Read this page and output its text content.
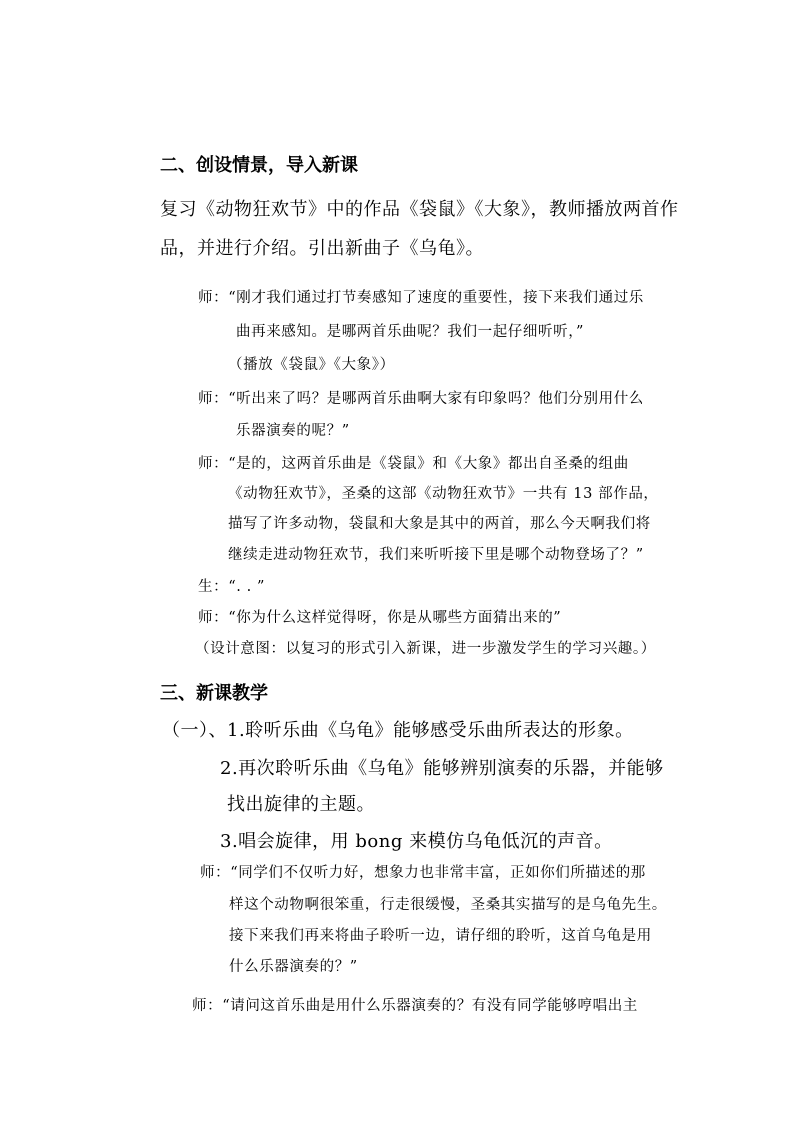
二、创设情景，导入新课
复习《动物狂欢节》中的作品《袋鼠》《大象》，教师播放两首作
品，并进行介绍。引出新曲子《乌龟》。
师：“刚才我们通过打节奏感知了速度的重要性，接下来我们通过乐
曲再来感知。是哪两首乐曲呢？我们一起仔细听听，”
（播放《袋鼠》《大象》）
师：“听出来了吗？是哪两首乐曲啊大家有印象吗？他们分别用什么
乐器演奏的呢？”
师：“是的，这两首乐曲是《袋鼠》和《大象》都出自圣桑的组曲
《动物狂欢节》，圣桑的这部《动物狂欢节》一共有 13 部作品，
描写了许多动物，袋鼠和大象是其中的两首，那么今天啊我们将
继续走进动物狂欢节，我们来听听接下里是哪个动物登场了？”
生：“. . ”
师：“你为什么这样觉得呀，你是从哪些方面猜出来的”
（设计意图：以复习的形式引入新课，进一步激发学生的学习兴趣。）
三、新课教学
（一）、1.聆听乐曲《乌龟》能够感受乐曲所表达的形象。
2.再次聆听乐曲《乌龟》能够辨别演奏的乐器，并能够
找出旋律的主题。
3.唱会旋律，用 bong 来模仿乌龟低沉的声音。
师：“同学们不仅听力好，想象力也非常丰富，正如你们所描述的那
样这个动物啊很笨重，行走很缓慢，圣桑其实描写的是乌龟先生。
接下来我们再来将曲子聆听一边，请仔细的聆听，这首乌龟是用
什么乐器演奏的？”
师：“请问这首乐曲是用什么乐器演奏的？有没有同学能够哼唱出主
